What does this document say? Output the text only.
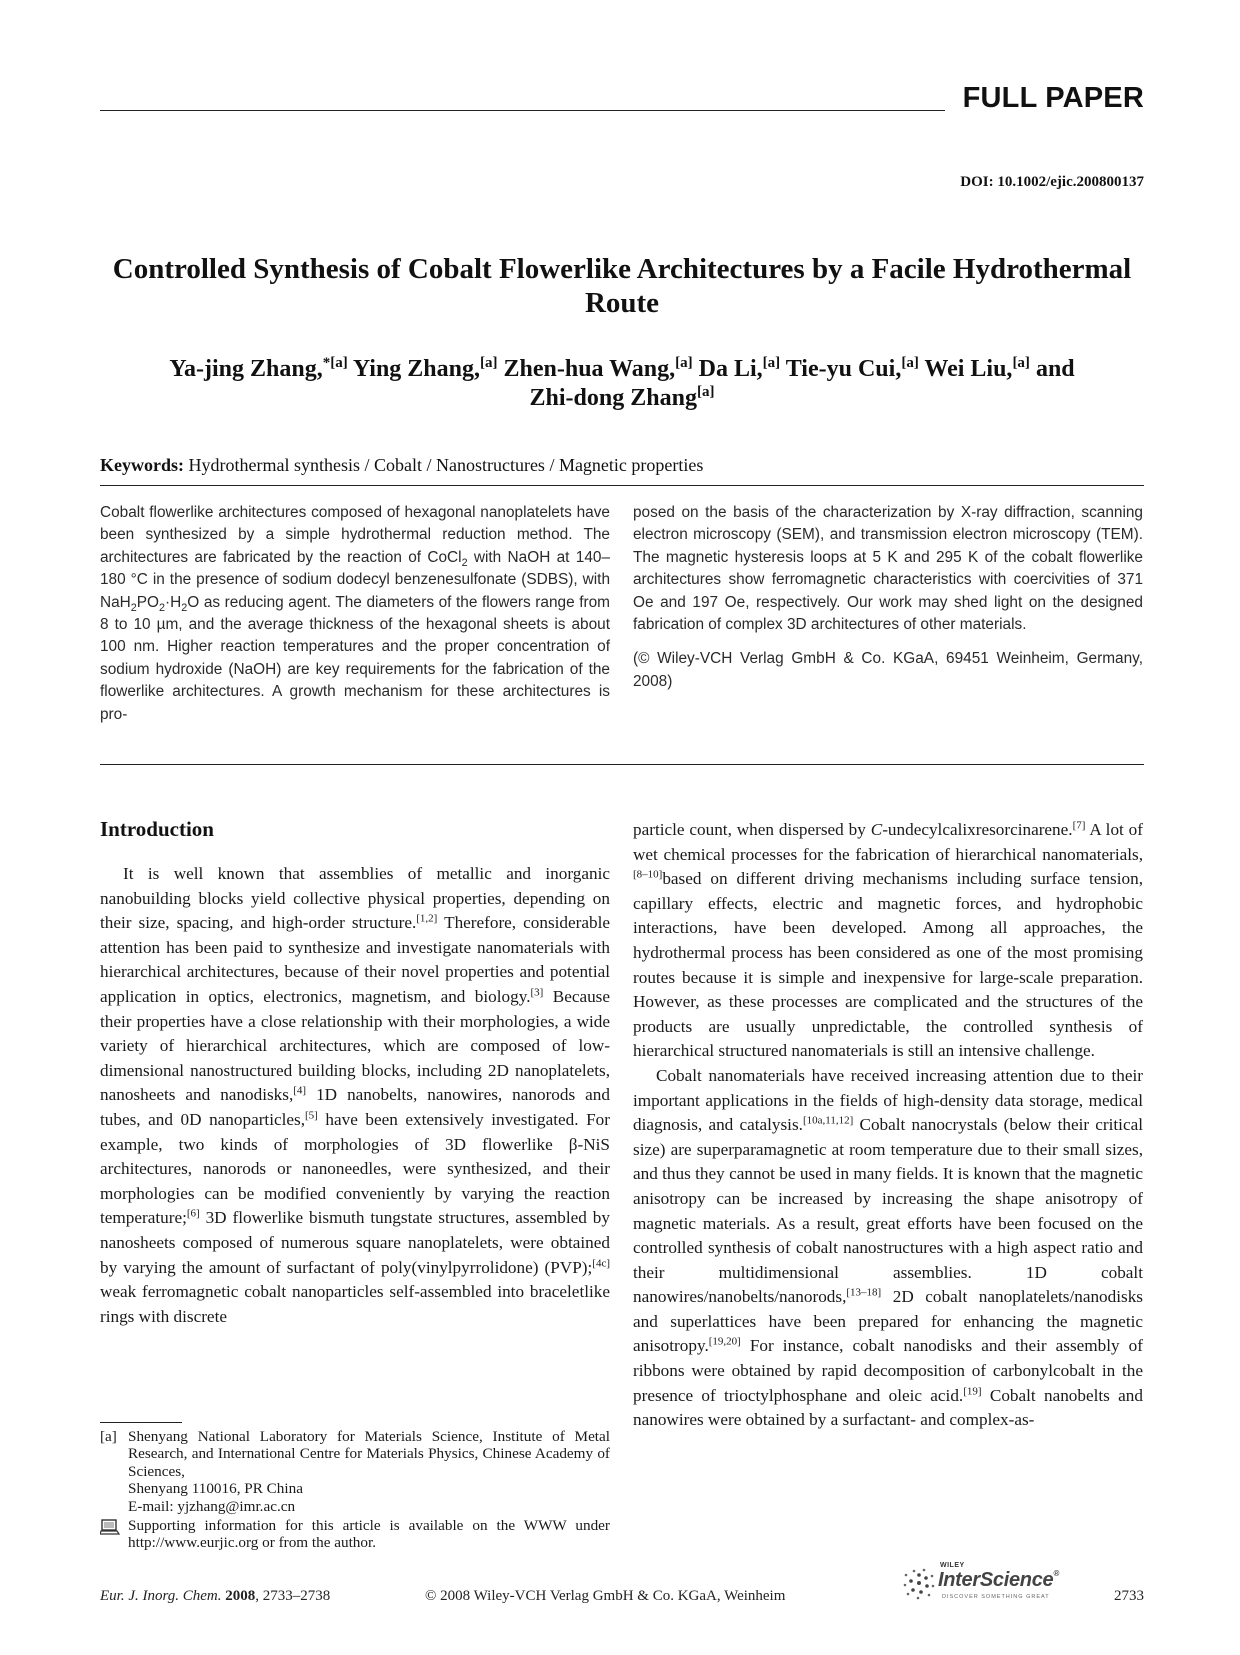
FULL PAPER
DOI: 10.1002/ejic.200800137
Controlled Synthesis of Cobalt Flowerlike Architectures by a Facile Hydrothermal Route
Ya-jing Zhang,$^{*[a]}$ Ying Zhang,[a] Zhen-hua Wang,[a] Da Li,[a] Tie-yu Cui,[a] Wei Liu,[a] and
Zhi-dong Zhang[a]
Keywords: Hydrothermal synthesis / Cobalt / Nanostructures / Magnetic properties

Cobalt flowerlike architectures composed of hexagonal nanoplatelets have been synthesized by a simple hydrothermal reduction method. The architectures are fabricated by the reaction of CoCl$_2$ with NaOH at 140–180 °C in the presence of sodium dodecyl benzenesulfonate (SDBS), with $NaH_2PO_2\cdot H_2O$ as reducing agent. The diameters of the flowers range from 8 to 10 µm, and the average thickness of the hexagonal sheets is about 100 nm. Higher reaction temperatures and the proper concentration of sodium hydroxide (NaOH) are key requirements for the fabrication of the flowerlike architectures. A growth mechanism for these architectures is pro-

posed on the basis of the characterization by X-ray diffraction, scanning electron microscopy (SEM), and transmission electron microscopy (TEM). The magnetic hysteresis loops at 5 K and 295 K of the cobalt flowerlike architectures show ferromagnetic characteristics with coercivities of 371 Oe and 197 Oe, respectively. Our work may shed light on the designed fabrication of complex 3D architectures of other materials.

(© Wiley-VCH Verlag GmbH & Co. KGaA, 69451 Weinheim, Germany, 2008)

Introduction

It is well known that assemblies of metallic and inorganic nanobuilding blocks yield collective physical properties, depending on their size, spacing, and high-order structure.[1,2] Therefore, considerable attention has been paid to synthesize and investigate nanomaterials with hierarchical architectures, because of their novel properties and potential application in optics, electronics, magnetism, and biology.[3] Because their properties have a close relationship with their morphologies, a wide variety of hierarchical architectures, which are composed of low-dimensional nanostructured building blocks, including 2D nanoplatelets, nanosheets and nanodisks,[4] 1D nanobelts, nanowires, nanorods and tubes, and 0D nanoparticles,[5] have been extensively investigated. For example, two kinds of morphologies of 3D flowerlike β-NiS architectures, nanorods or nanoneedles, were synthesized, and their morphologies can be modified conveniently by varying the reaction temperature;[6] 3D flowerlike bismuth tungstate structures, assembled by nanosheets composed of numerous square nanoplatelets, were obtained by varying the amount of surfactant of poly(vinylpyrrolidone) (PVP);[4c] weak ferromagnetic cobalt nanoparticles self-assembled into braceletlike rings with discrete

particle count, when dispersed by C-undecylcalixresorcinarene.[7] A lot of wet chemical processes for the fabrication of hierarchical nanomaterials,[8–10]based on different driving mechanisms including surface tension, capillary effects, electric and magnetic forces, and hydrophobic interactions, have been developed. Among all approaches, the hydrothermal process has been considered as one of the most promising routes because it is simple and inexpensive for large-scale preparation. However, as these processes are complicated and the structures of the products are usually unpredictable, the controlled synthesis of hierarchical structured nanomaterials is still an intensive challenge.

Cobalt nanomaterials have received increasing attention due to their important applications in the fields of high-density data storage, medical diagnosis, and catalysis.[10a,11,12] Cobalt nanocrystals (below their critical size) are superparamagnetic at room temperature due to their small sizes, and thus they cannot be used in many fields. It is known that the magnetic anisotropy can be increased by increasing the shape anisotropy of magnetic materials. As a result, great efforts have been focused on the controlled synthesis of cobalt nanostructures with a high aspect ratio and their multidimensional assemblies. 1D cobalt nanowires/nanobelts/nanorods,[13–18] 2D cobalt nanoplatelets/nanodisks and superlattices have been prepared for enhancing the magnetic anisotropy.[19,20] For instance, cobalt nanodisks and their assembly of ribbons were obtained by rapid decomposition of carbonylcobalt in the presence of trioctylphosphane and oleic acid.[19] Cobalt nanobelts and nanowires were obtained by a surfactant- and complex-as-

[a] Shenyang National Laboratory for Materials Science, Institute of Metal Research, and International Centre for Materials Physics, Chinese Academy of Sciences,
Shenyang 110016, PR China
E-mail: yjzhang@imr.ac.cn
Supporting information for this article is available on the WWW under http://www.eurjic.org or from the author.
Eur. J. Inorg. Chem. 2008, 2733–2738	© 2008 Wiley-VCH Verlag GmbH & Co. KGaA, Weinheim
WILEY
InterScience®
DISCOVER SOMETHING GREAT	2733
